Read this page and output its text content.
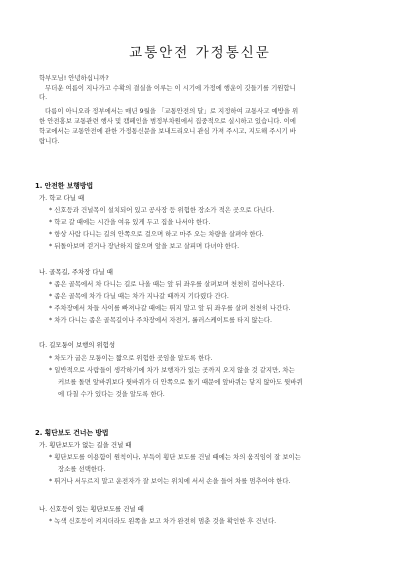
교통안전 가정통신문
학부모님! 안녕하십니까?
무더운 여름이 지나가고 수확의 결실을 이루는 이 시기에 가정에 행운이 깃들기를 기원합니
다.
다름이 아니오라 정부에서는 매년 9월을 「교통안전의 달」로 지정하여 교통사고 예방을 위
한 안전홍보 교통관련 행사 및 캠페인을 범정부차원에서 집중적으로 실시하고 있습니다. 이에
학교에서는 교통안전에 관한 가정통신문을 보내드리오니 관심 가져 주시고, 지도해 주시기 바
랍니다.
1. 안전한 보행방법
가. 학교 다닐 때
* 신호등과 건널목이 설치되어 있고 공사장 등 위험한 장소가 적은 곳으로 다닌다.
* 학교 갈 때에는 시간을 여유 있게 두고 집을 나서야 한다.
* 항상 사람 다니는 길의 안쪽으로 걸으며 하고 마주 오는 차량을 살펴야 한다.
* 뒤돌아보며 걷거나 장난하지 않으며 앞을 보고 살피며 다녀야 한다.
나. 골목길, 주차장 다닐 때
* 좁은 골목에서 차 다니는 길로 나올 때는 앞 뒤 좌우를 살펴보며 천천히 걸어나온다.
* 좁은 골목에 차가 다닐 때는 차가 지나갈 때까지 기다렸다 간다.
* 주차장에서 차들 사이를 빠져나갈 때에는 뛰지 말고 앞 뒤 좌우를 살펴 천천히 나간다.
* 차가 다니는 좁은 골목길이나 주차장에서 자전거, 롤러스케이트를 타지 않는다.
다. 길모퉁이 보행의 위험성
* 차도가 굽은 모퉁이는 짧으로 위험한 곳임을 알도록 한다.
* 일반적으로 사람들이 생각하기에 차가 보행자가 있는 곳까지 오지 않을 것 같지만, 차는
커브를 돌면 앞바퀴보다 뒷바퀴가 더 안쪽으로 돌기 때문에 앞바퀴는 닿지 않아도 뒷바퀴
에 다칠 수가 있다는 것을 알도록 한다.
2. 횡단보도 건너는 방법
가. 횡단보도가 없는 길을 건널 때
* 횡단보도를 이용함이 원칙이나, 부득이 횡단 보도를 건널 때에는 차의 움직임이 잘 보이는
장소를 선택한다.
* 뛰거나 서두르지 말고 운전자가 잘 보이는 위치에 서서 손을 들어 차를 멈추어야 한다.
나. 신호등이 있는 횡단보도를 건널 때
* 녹색 신호등이 켜지더라도 왼쪽을 보고 차가 완전히 멈춘 것을 확인한 후 건넌다.
